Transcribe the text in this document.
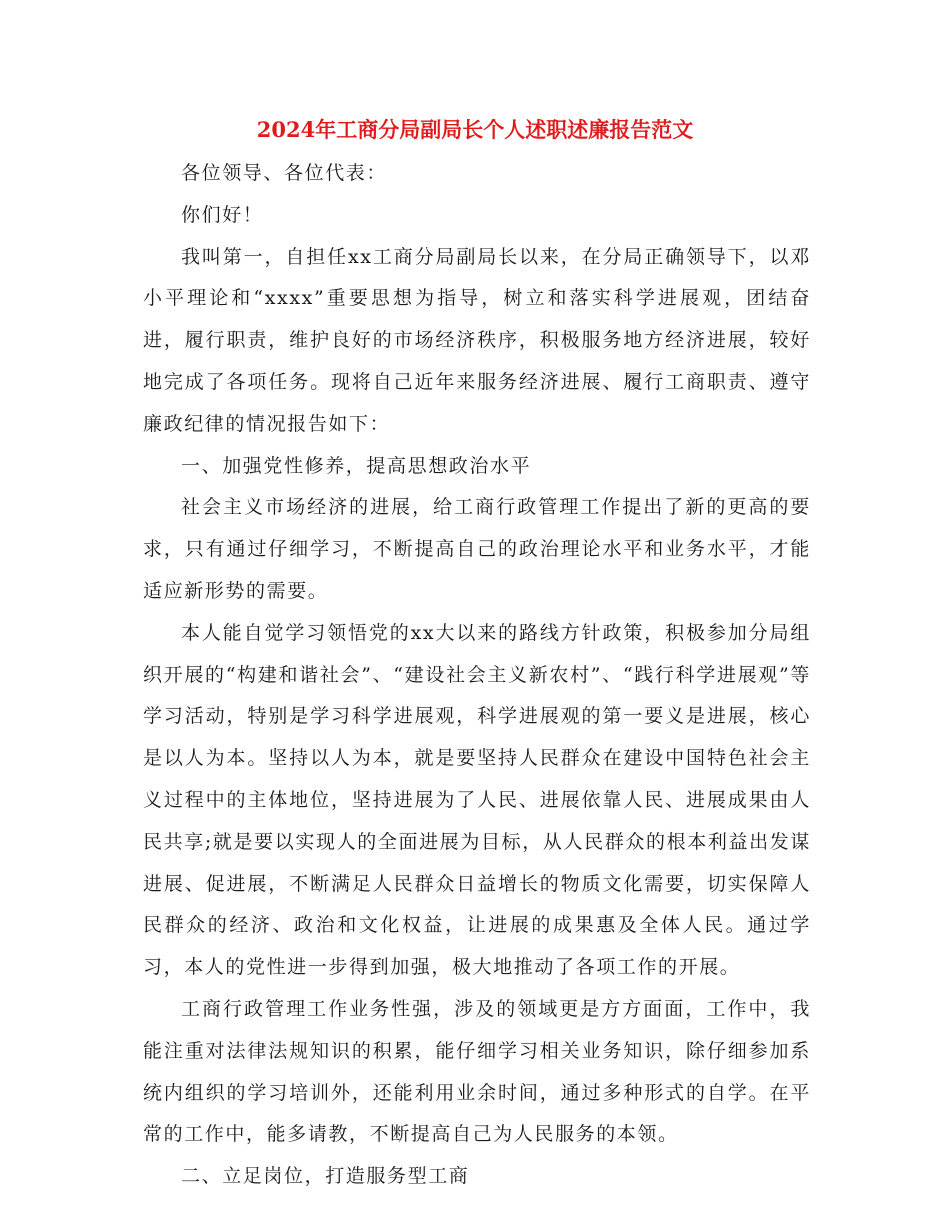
2024年工商分局副局长个人述职述廉报告范文

各位领导、各位代表：

你们好！

我叫第一，自担任xx工商分局副局长以来，在分局正确领导下，以邓小平理论和“xxxx”重要思想为指导，树立和落实科学进展观，团结奋进，履行职责，维护良好的市场经济秩序，积极服务地方经济进展，较好地完成了各项任务。现将自己近年来服务经济进展、履行工商职责、遵守廉政纪律的情况报告如下：

一、加强党性修养，提高思想政治水平

社会主义市场经济的进展，给工商行政管理工作提出了新的更高的要求，只有通过仔细学习，不断提高自己的政治理论水平和业务水平，才能适应新形势的需要。

本人能自觉学习领悟党的xx大以来的路线方针政策，积极参加分局组织开展的“构建和谐社会”、“建设社会主义新农村”、“践行科学进展观”等学习活动，特别是学习科学进展观，科学进展观的第一要义是进展，核心是以人为本。坚持以人为本，就是要坚持人民群众在建设中国特色社会主义过程中的主体地位，坚持进展为了人民、进展依靠人民、进展成果由人民共享;就是要以实现人的全面进展为目标，从人民群众的根本利益出发谋进展、促进展，不断满足人民群众日益增长的物质文化需要，切实保障人民群众的经济、政治和文化权益，让进展的成果惠及全体人民。通过学习，本人的党性进一步得到加强，极大地推动了各项工作的开展。

工商行政管理工作业务性强，涉及的领域更是方方面面，工作中，我能注重对法律法规知识的积累，能仔细学习相关业务知识，除仔细参加系统内组织的学习培训外，还能利用业余时间，通过多种形式的自学。在平常的工作中，能多请教，不断提高自己为人民服务的本领。

二、立足岗位，打造服务型工商
